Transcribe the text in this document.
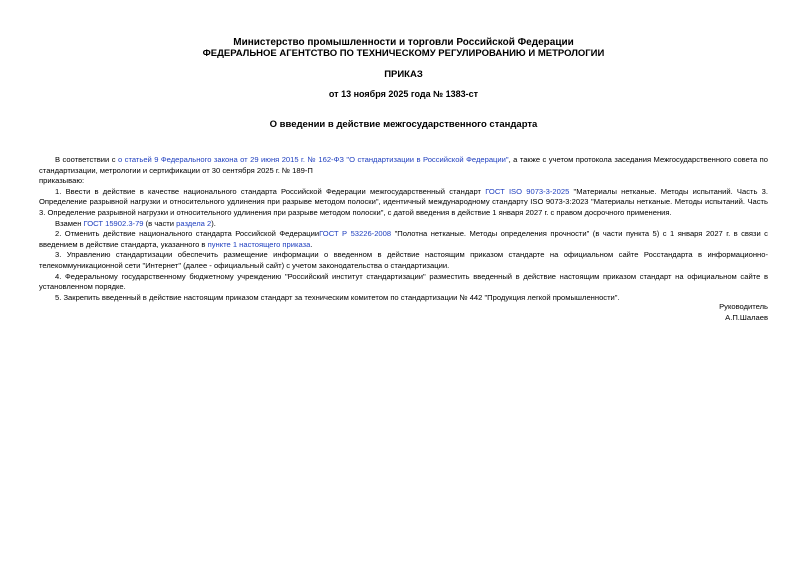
Министерство промышленности и торговли Российской Федерации
ФЕДЕРАЛЬНОЕ АГЕНТСТВО ПО ТЕХНИЧЕСКОМУ РЕГУЛИРОВАНИЮ И МЕТРОЛОГИИ
ПРИКАЗ
от 13 ноября 2025 года № 1383-ст
О введении в действие межгосударственного стандарта

В соответствии с о статьей 9 Федерального закона от 29 июня 2015 г. № 162-ФЗ "О стандартизации в Российской Федерации", а также с учетом протокола заседания Межгосударственного совета по стандартизации, метрологии и сертификации от 30 сентября 2025 г. № 189-П

приказываю:

1. Ввести в действие в качестве национального стандарта Российской Федерации межгосударственный стандарт ГОСТ ISO 9073-3-2025 "Материалы нетканые. Методы испытаний. Часть 3. Определение разрывной нагрузки и относительного удлинения при разрыве методом полоски", идентичный международному стандарту ISO 9073-3:2023 "Материалы нетканые. Методы испытаний. Часть 3. Определение разрывной нагрузки и относительного удлинения при разрыве методом полоски", с датой введения в действие 1 января 2027 г. с правом досрочного применения.

Взамен ГОСТ 15902.3-79 (в части раздела 2).

2. Отменить действие национального стандарта Российской ФедерацииГОСТ Р 53226-2008 "Полотна нетканые. Методы определения прочности" (в части пункта 5) с 1 января 2027 г. в связи с введением в действие стандарта, указанного в пункте 1 настоящего приказа.

3. Управлению стандартизации обеспечить размещение информации о введенном в действие настоящим приказом стандарте на официальном сайте Росстандарта в информационно-телекоммуникационной сети "Интернет" (далее - официальный сайт) с учетом законодательства о стандартизации.

4. Федеральному государственному бюджетному учреждению "Российский институт стандартизации" разместить введенный в действие настоящим приказом стандарт на официальном сайте в установленном порядке.

5. Закрепить введенный в действие настоящим приказом стандарт за техническим комитетом по стандартизации № 442 "Продукция легкой промышленности".

Руководитель
А.П.Шалаев
